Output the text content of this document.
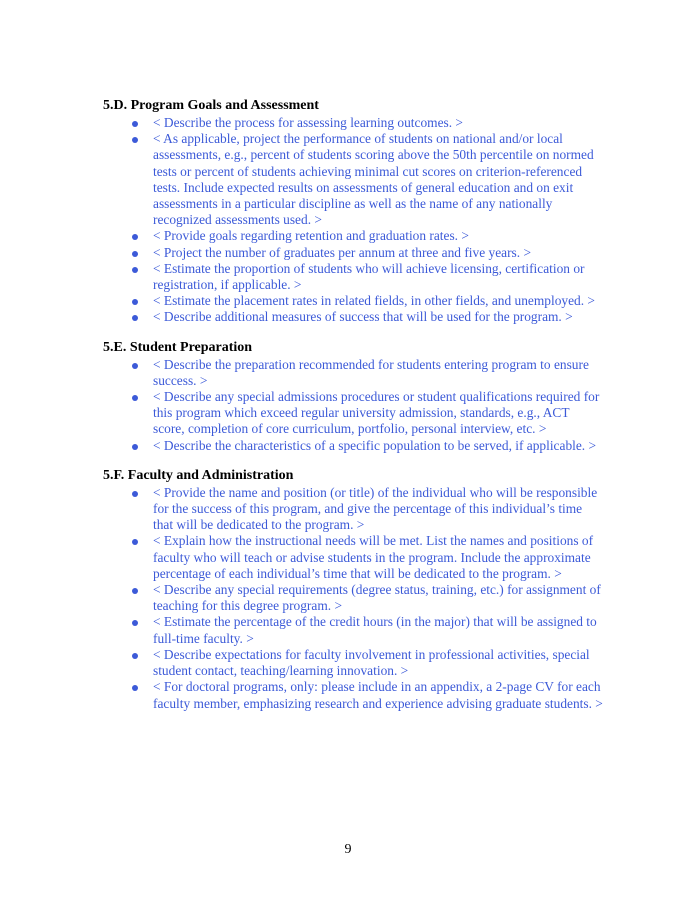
5.D. Program Goals and Assessment
< Describe the process for assessing learning outcomes. >
< As applicable, project the performance of students on national and/or local assessments, e.g., percent of students scoring above the 50th percentile on normed tests or percent of students achieving minimal cut scores on criterion-referenced tests. Include expected results on assessments of general education and on exit assessments in a particular discipline as well as the name of any nationally recognized assessments used. >
< Provide goals regarding retention and graduation rates. >
< Project the number of graduates per annum at three and five years. >
< Estimate the proportion of students who will achieve licensing, certification or registration, if applicable. >
< Estimate the placement rates in related fields, in other fields, and unemployed. >
< Describe additional measures of success that will be used for the program. >
5.E. Student Preparation
< Describe the preparation recommended for students entering program to ensure success. >
< Describe any special admissions procedures or student qualifications required for this program which exceed regular university admission, standards, e.g., ACT score, completion of core curriculum, portfolio, personal interview, etc. >
< Describe the characteristics of a specific population to be served, if applicable. >
5.F. Faculty and Administration
< Provide the name and position (or title) of the individual who will be responsible for the success of this program, and give the percentage of this individual’s time that will be dedicated to the program. >
< Explain how the instructional needs will be met. List the names and positions of faculty who will teach or advise students in the program. Include the approximate percentage of each individual’s time that will be dedicated to the program. >
< Describe any special requirements (degree status, training, etc.) for assignment of teaching for this degree program. >
< Estimate the percentage of the credit hours (in the major) that will be assigned to full-time faculty. >
< Describe expectations for faculty involvement in professional activities, special student contact, teaching/learning innovation. >
< For doctoral programs, only: please include in an appendix, a 2-page CV for each faculty member, emphasizing research and experience advising graduate students. >
9
